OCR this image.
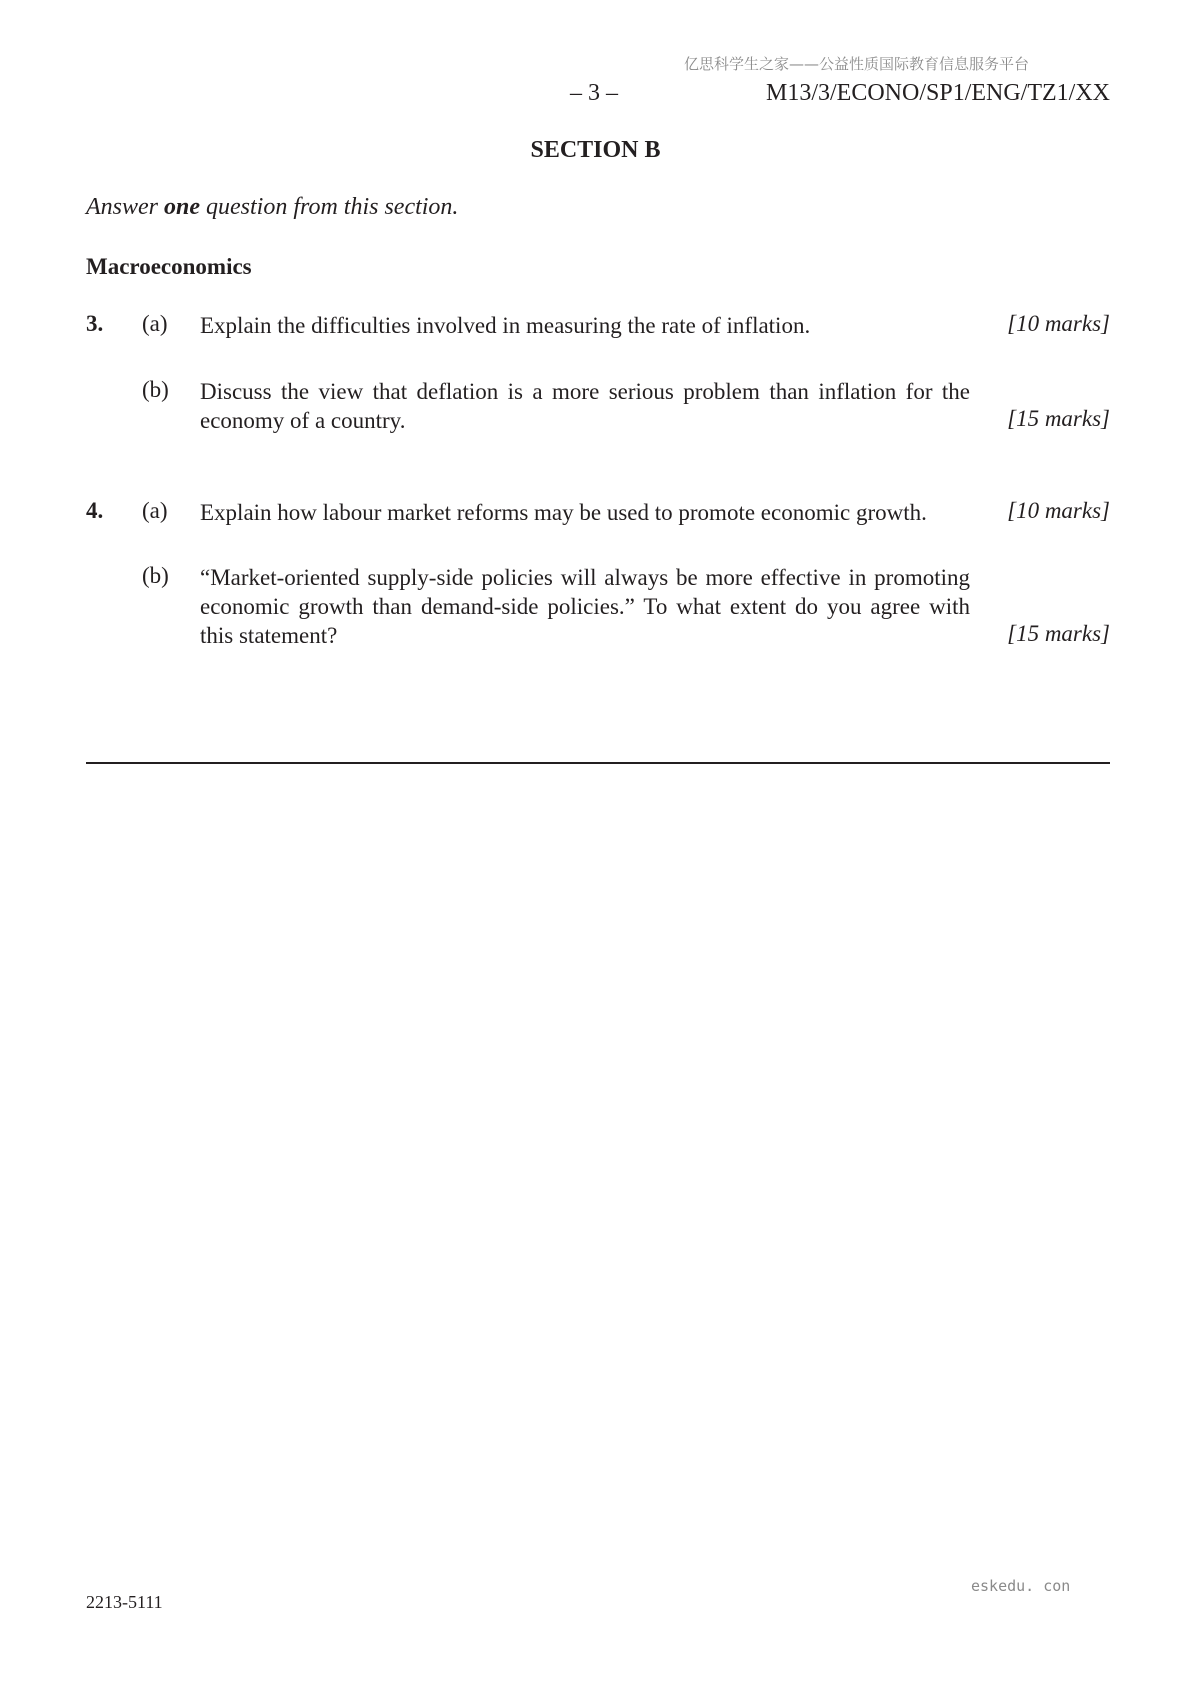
亿思科学生之家——公益性质国际教育信息服务平台
– 3 –	M13/3/ECONO/SP1/ENG/TZ1/XX
SECTION B
Answer one question from this section.
Macroeconomics
3. (a) Explain the difficulties involved in measuring the rate of inflation.	[10 marks]
(b) Discuss the view that deflation is a more serious problem than inflation for the economy of a country.	[15 marks]
4. (a) Explain how labour market reforms may be used to promote economic growth.	[10 marks]
(b) “Market-oriented supply-side policies will always be more effective in promoting economic growth than demand-side policies.” To what extent do you agree with this statement?	[15 marks]
eskedu. con
2213-5111
